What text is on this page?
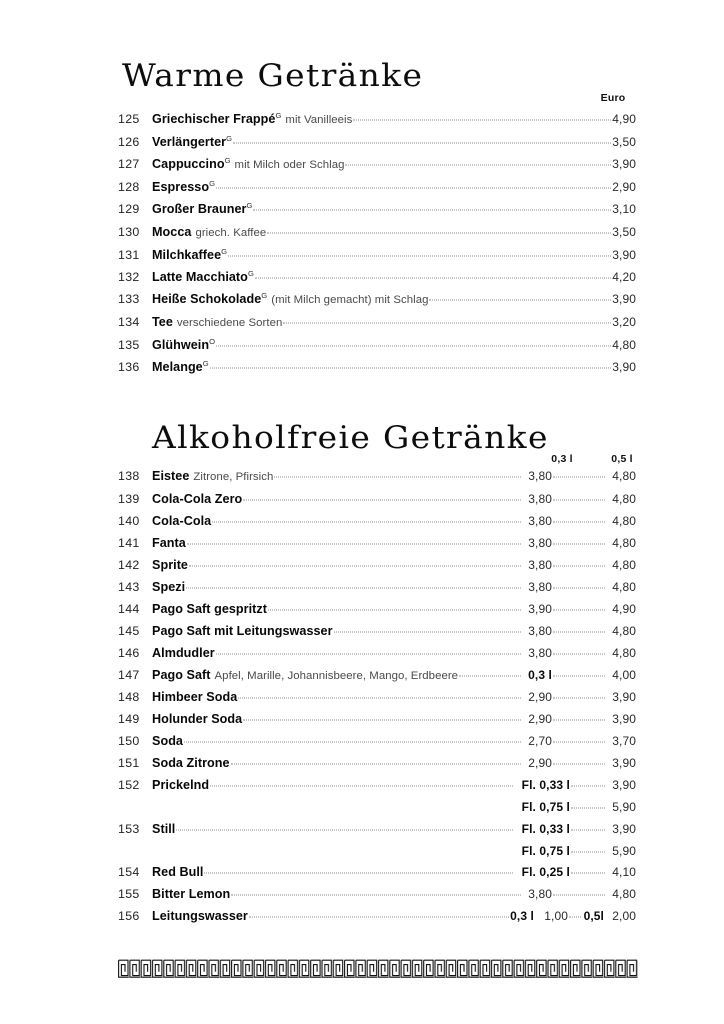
Warme Getränke
Euro
125 Griechischer Frappé$^G$ mit Vanilleeis	4,90
126 Verlängerter$^G$	3,50
127 Cappuccino$^G$ mit Milch oder Schlag	3,90
128 Espresso$^G$	2,90
129 Großer Brauner$^G$	3,10
130 Mocca griech. Kaffee	3,50
131 Milchkaffee$^G$	3,90
132 Latte Macchiato$^G$	4,20
133 Heiße Schokolade$^G$ (mit Milch gemacht) mit Schlag	3,90
134 Tee verschiedene Sorten	3,20
135 Glühwein$^O$	4,80
136 Melange$^G$	3,90
Alkoholfreie Getränke
0,3 l	0,5 l
138 Eistee Zitrone, Pfirsich	3,80	4,80
139 Cola-Cola Zero	3,80	4,80
140 Cola-Cola	3,80	4,80
141 Fanta	3,80	4,80
142 Sprite	3,80	4,80
143 Spezi	3,80	4,80
144 Pago Saft gespritzt	3,90	4,90
145 Pago Saft mit Leitungswasser	3,80	4,80
146 Almdudler	3,80	4,80
147 Pago Saft Apfel, Marille, Johannisbeere, Mango, Erdbeere	0,3 l	4,00
148 Himbeer Soda	2,90	3,90
149 Holunder Soda	2,90	3,90
150 Soda	2,70	3,70
151 Soda Zitrone	2,90	3,90
152 Prickelnd	Fl. 0,33 l	3,90
Fl. 0,75 l	5,90
153 Still	Fl. 0,33 l	3,90
Fl. 0,75 l	5,90
154 Red Bull	Fl. 0,25 l	4,10
155 Bitter Lemon	3,80	4,80
156 Leitungswasser	0,3 l 1,00 0,5l 2,00
